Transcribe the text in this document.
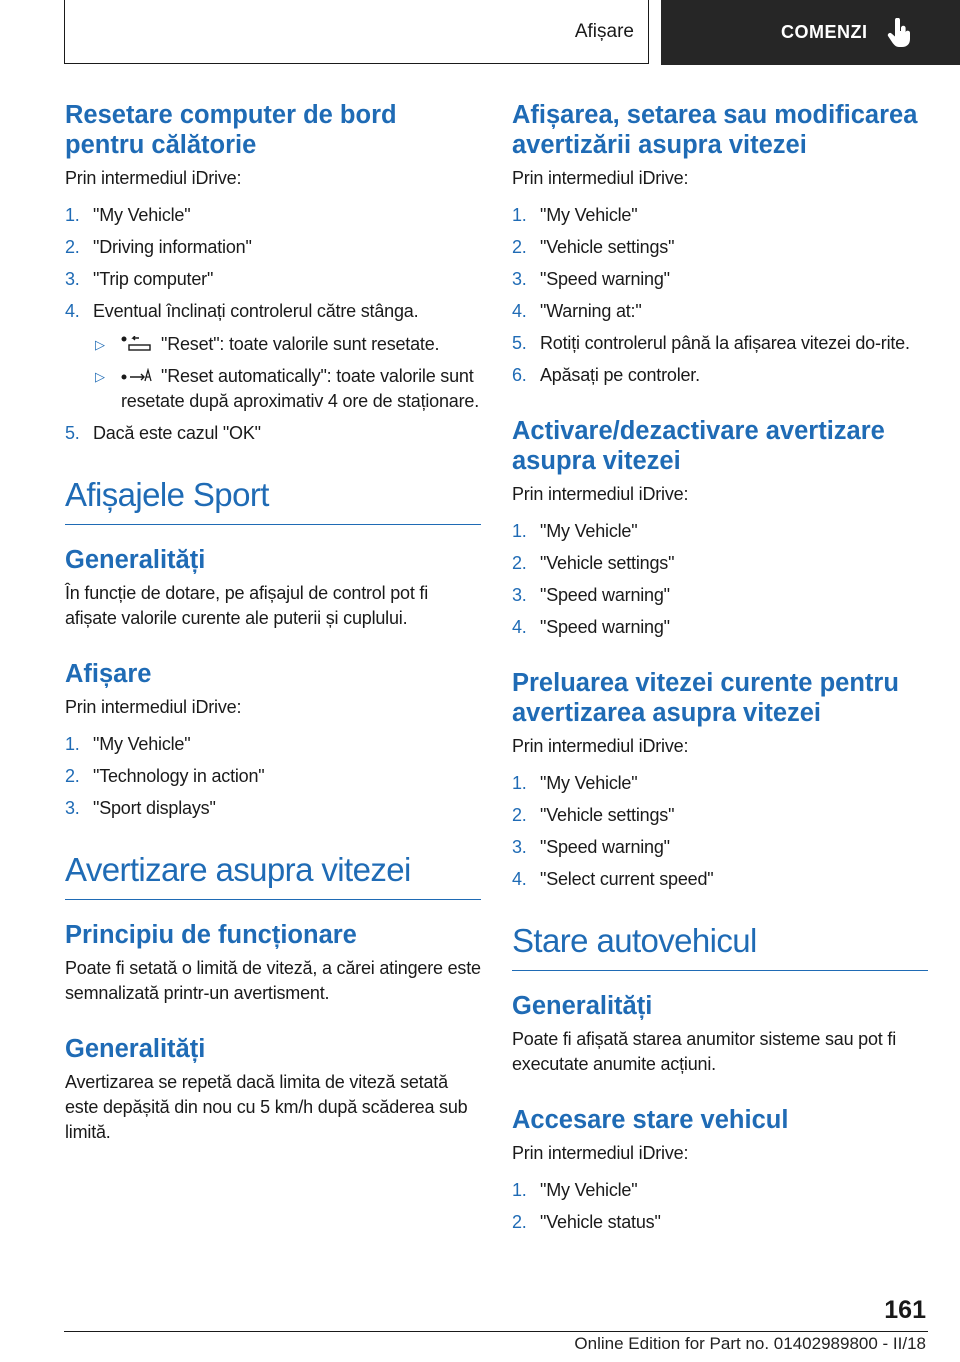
Afișare	COMENZI
Resetare computer de bord pentru călătorie

Prin intermediul iDrive:

1. "My Vehicle"
2. "Driving information"
3. "Trip computer"
4. Eventual înclinați controlerul către stânga.
▷	"Reset": toate valorile sunt resetate.
▷	"Reset automatically": toate valorile sunt resetate după aproximativ 4 ore de staționare.
5. Dacă este cazul "OK"
Afișajele Sport
Generalități

În funcție de dotare, pe afișajul de control pot fi afișate valorile curente ale puterii și cuplului.

Afișare

Prin intermediul iDrive:

1. "My Vehicle"
2. "Technology in action"
3. "Sport displays"
Avertizare asupra vitezei
Principiu de funcționare

Poate fi setată o limită de viteză, a cărei atingere este semnalizată printr-un avertisment.

Generalități

Avertizarea se repetă dacă limita de viteză setată este depășită din nou cu 5 km/h după scăderea sub limită.

Afișarea, setarea sau modificarea avertizării asupra vitezei

Prin intermediul iDrive:

1. "My Vehicle"
2. "Vehicle settings"
3. "Speed warning"
4. "Warning at:"
5. Rotiți controlerul până la afișarea vitezei do-rite.
6. Apăsați pe controler.
Activare/dezactivare avertizare asupra vitezei

Prin intermediul iDrive:

1. "My Vehicle"
2. "Vehicle settings"
3. "Speed warning"
4. "Speed warning"
Preluarea vitezei curente pentru avertizarea asupra vitezei

Prin intermediul iDrive:

1. "My Vehicle"
2. "Vehicle settings"
3. "Speed warning"
4. "Select current speed"
Stare autovehicul
Generalități

Poate fi afișată starea anumitor sisteme sau pot fi executate anumite acțiuni.

Accesare stare vehicul

Prin intermediul iDrive:

1. "My Vehicle"
2. "Vehicle status"
161
Online Edition for Part no. 01402989800 - II/18
